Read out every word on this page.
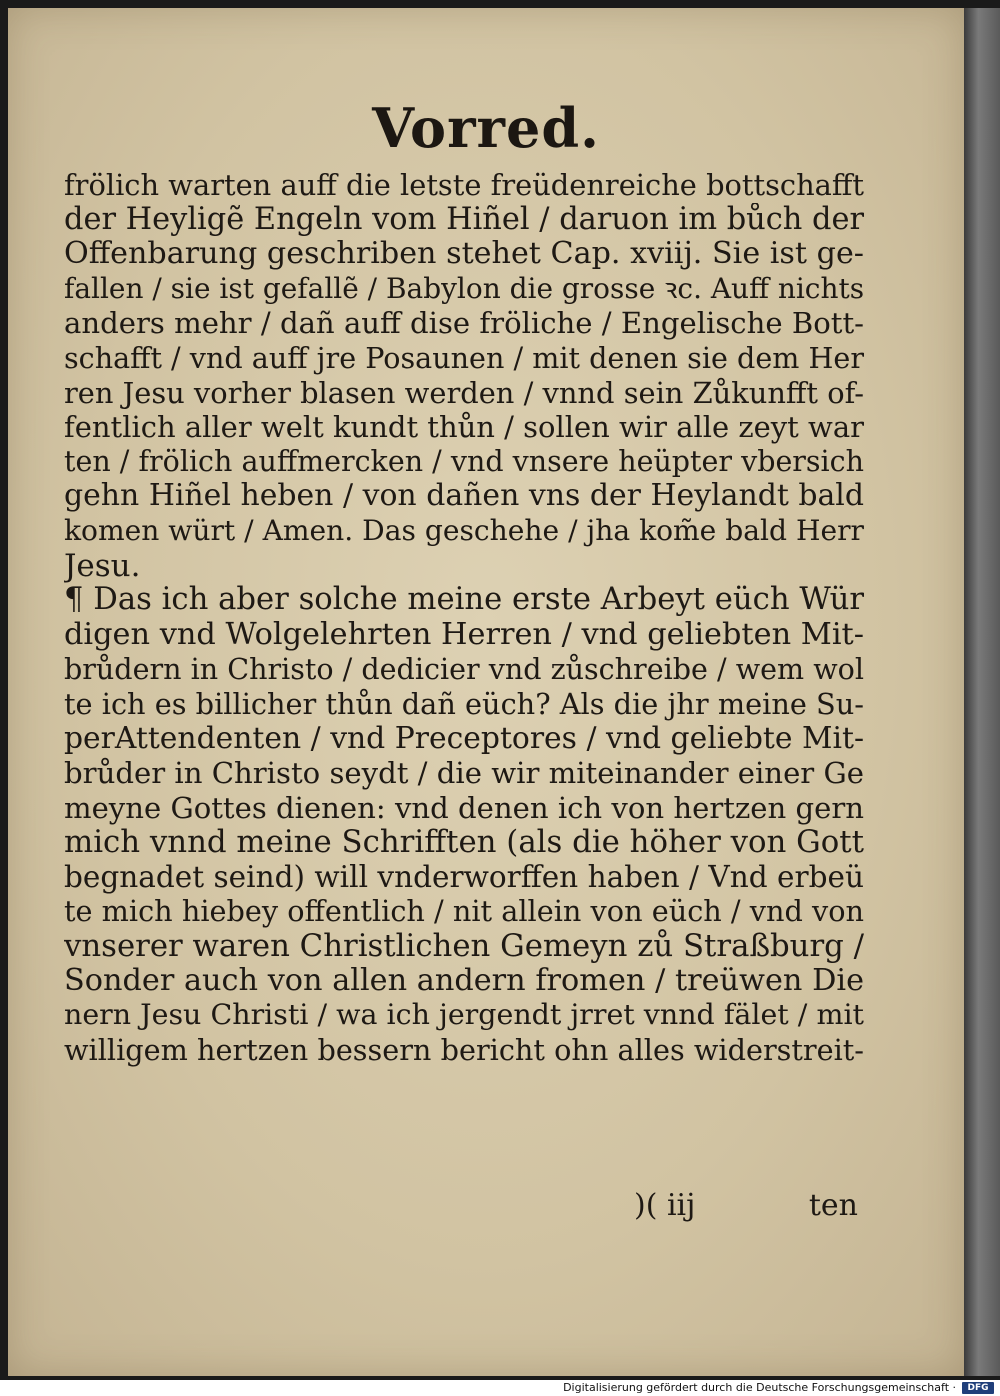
Vorred.
frölich warten auff die letste freüdenreiche bottschafft
der Heyligẽ Engeln vom Hiñel / daruon im bůch der
Offenbarung geschriben stehet Cap. xviij. Sie ist ge-
fallen / sie ist gefallẽ / Babylon die grosse ꝛc. Auff nichts
anders mehr / dañ auff dise fröliche / Engelische Bott-
schafft / vnd auff jre Posaunen / mit denen sie dem Her
ren Jesu vorher blasen werden / vnnd sein Zůkunfft of-
fentlich aller welt kundt thůn / sollen wir alle zeyt war
ten / frölich auffmercken / vnd vnsere heüpter vbersich
gehn Hiñel heben / von dañen vns der Heylandt bald
komen würt / Amen. Das geschehe / jha kom̃e bald Herr
Jesu.
¶ Das ich aber solche meine erste Arbeyt eüch Wür
digen vnd Wolgelehrten Herren / vnd geliebten Mit-
brůdern in Christo / dedicier vnd zůschreibe / wem wol
te ich es billicher thůn dañ eüch? Als die jhr meine Su-
perAttendenten / vnd Preceptores / vnd geliebte Mit-
brůder in Christo seydt / die wir miteinander einer Ge
meyne Gottes dienen: vnd denen ich von hertzen gern
mich vnnd meine Schrifften (als die höher von Gott
begnadet seind) will vnderworffen haben / Vnd erbeü
te mich hiebey offentlich / nit allein von eüch / vnd von
vnserer waren Christlichen Gemeyn zů Straßburg /
Sonder auch von allen andern fromen / treüwen Die
nern Jesu Christi / wa ich jergendt jrret vnnd fälet / mit
willigem hertzen bessern bericht ohn alles widerstreit-
)( iij	ten
Digitalisierung gefördert durch die Deutsche Forschungsgemeinschaft ·	DFG
